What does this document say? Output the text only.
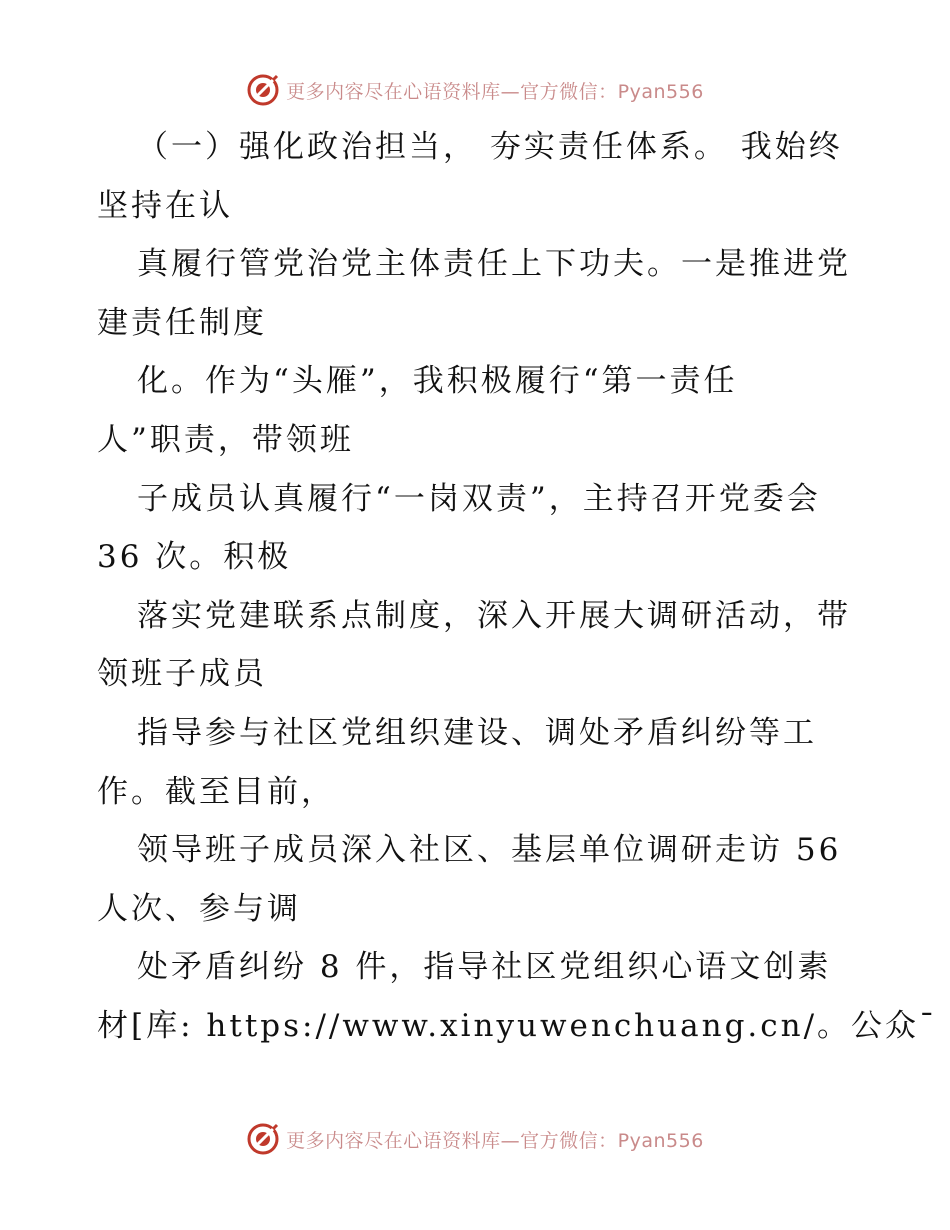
更多内容尽在心语资料库—官方微信：Pyan556
（一）强化政治担当， 夯实责任体系。 我始终
坚持在认
真履行管党治党主体责任上下功夫。一是推进党
建责任制度
化。作为“头雁”，我积极履行“第一责任
人”职责，带领班
子成员认真履行“一岗双责”，主持召开党委会
36 次。积极
落实党建联系点制度，深入开展大调研活动，带
领班子成员
指导参与社区党组织建设、调处矛盾纠纷等工
作。截至目前，
领导班子成员深入社区、基层单位调研走访 56
人次、参与调
处矛盾纠纷 8 件，指导社区党组织心语文创素
材[库: https://www.xinyuwenchuang.cn/。公众¯
更多内容尽在心语资料库—官方微信：Pyan556
